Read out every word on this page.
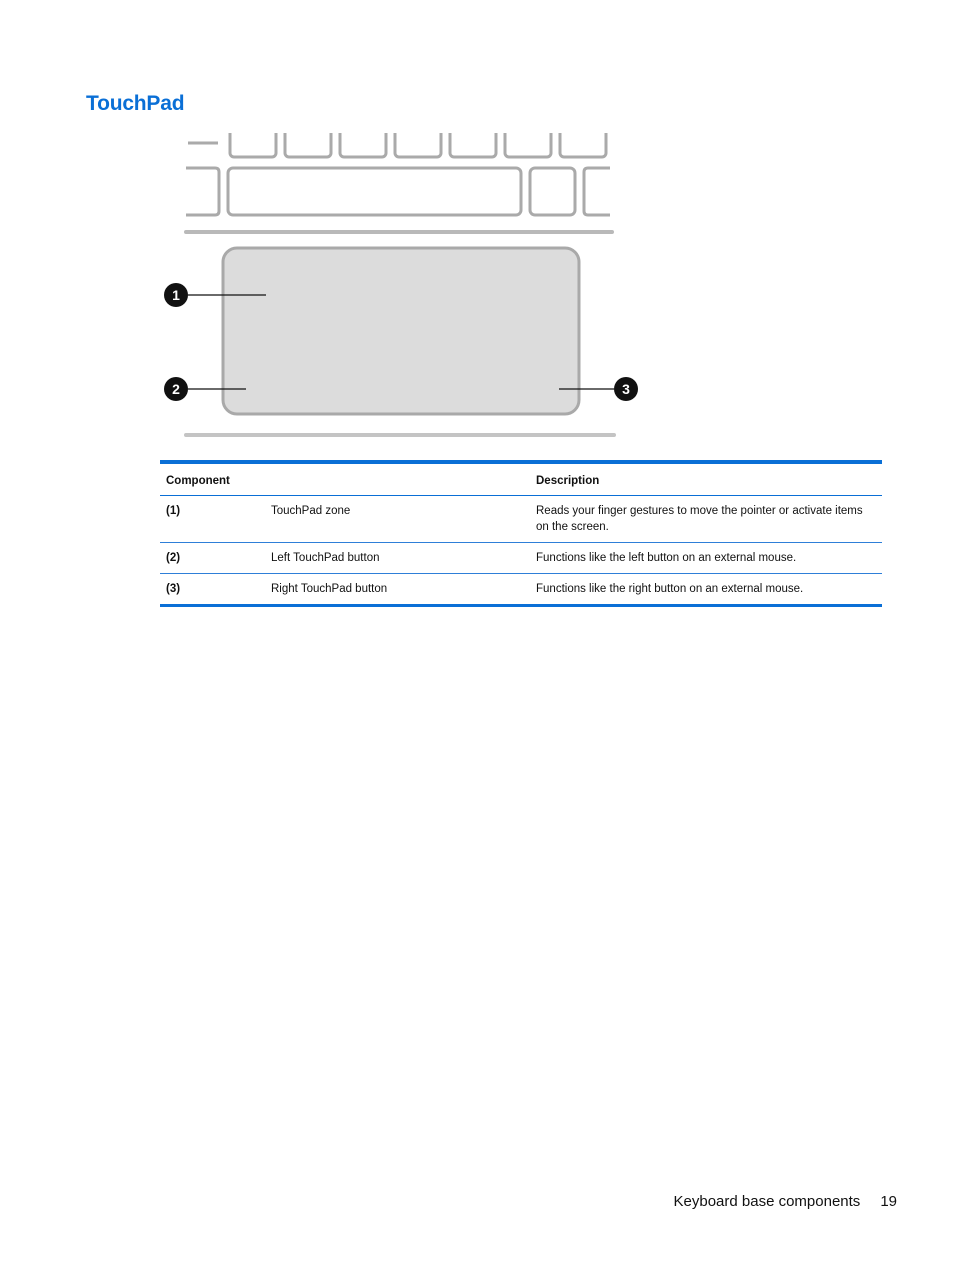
TouchPad
1
2	3
Component		Description
(1)	TouchPad zone	Reads your finger gestures to move the pointer or activate items on the screen.
(2)	Left TouchPad button	Functions like the left button on an external mouse.
(3)	Right TouchPad button	Functions like the right button on an external mouse.
Keyboard base components 19
